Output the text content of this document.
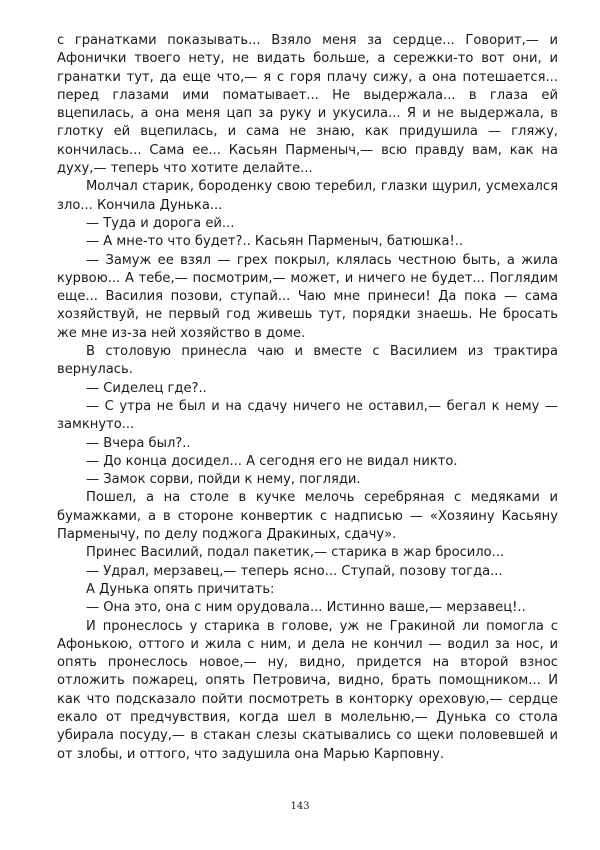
с гранатками показывать... Взяло меня за сердце... Говорит,— и Афонички твоего нету, не видать больше, а сережки-то вот они, и гранатки тут, да еще что,— я с горя плачу сижу, а она потешается... перед глазами ими поматывает... Не выдержала... в глаза ей вцепилась, а она меня цап за руку и укусила... Я и не выдержала, в глотку ей вцепилась, и сама не знаю, как придушила — гляжу, кончилась... Сама ее... Касьян Парменыч,— всю правду вам, как на духу,— теперь что хотите делайте...

Молчал старик, бороденку свою теребил, глазки щурил, усмехался зло... Кончила Дунька...

— Туда и дорога ей...

— А мне-то что будет?.. Касьян Парменыч, батюшка!..

— Замуж ее взял — грех покрыл, клялась честною быть, а жила курвою... А тебе,— посмотрим,— может, и ничего не будет... Поглядим еще... Василия позови, ступай... Чаю мне принеси! Да пока — сама хозяйствуй, не первый год живешь тут, порядки знаешь. Не бросать же мне из-за ней хозяйство в доме.

В столовую принесла чаю и вместе с Василием из трактира вернулась.

— Сиделец где?..

— С утра не был и на сдачу ничего не оставил,— бегал к нему — замкнуто...

— Вчера был?..

— До конца досидел... А сегодня его не видал никто.

— Замок сорви, пойди к нему, погляди.

Пошел, а на столе в кучке мелочь серебряная с медяками и бумажками, а в стороне конвертик с надписью — «Хозяину Касьяну Парменычу, по делу поджога Дракиных, сдачу».

Принес Василий, подал пакетик,— старика в жар бросило...

— Удрал, мерзавец,— теперь ясно... Ступай, позову тогда...

А Дунька опять причитать:

— Она это, она с ним орудовала... Истинно ваше,— мерзавец!..

И пронеслось у старика в голове, уж не Гракиной ли помогла с Афонькою, оттого и жила с ним, и дела не кончил — водил за нос, и опять пронеслось новое,— ну, видно, придется на второй взнос отложить пожарец, опять Петровича, видно, брать помощником... И как что подсказало пойти посмотреть в конторку ореховую,— сердце екало от предчувствия, когда шел в молельню,— Дунька со стола убирала посуду,— в стакан слезы скатывались со щеки половевшей и от злобы, и оттого, что задушила она Марью Карповну.

143
